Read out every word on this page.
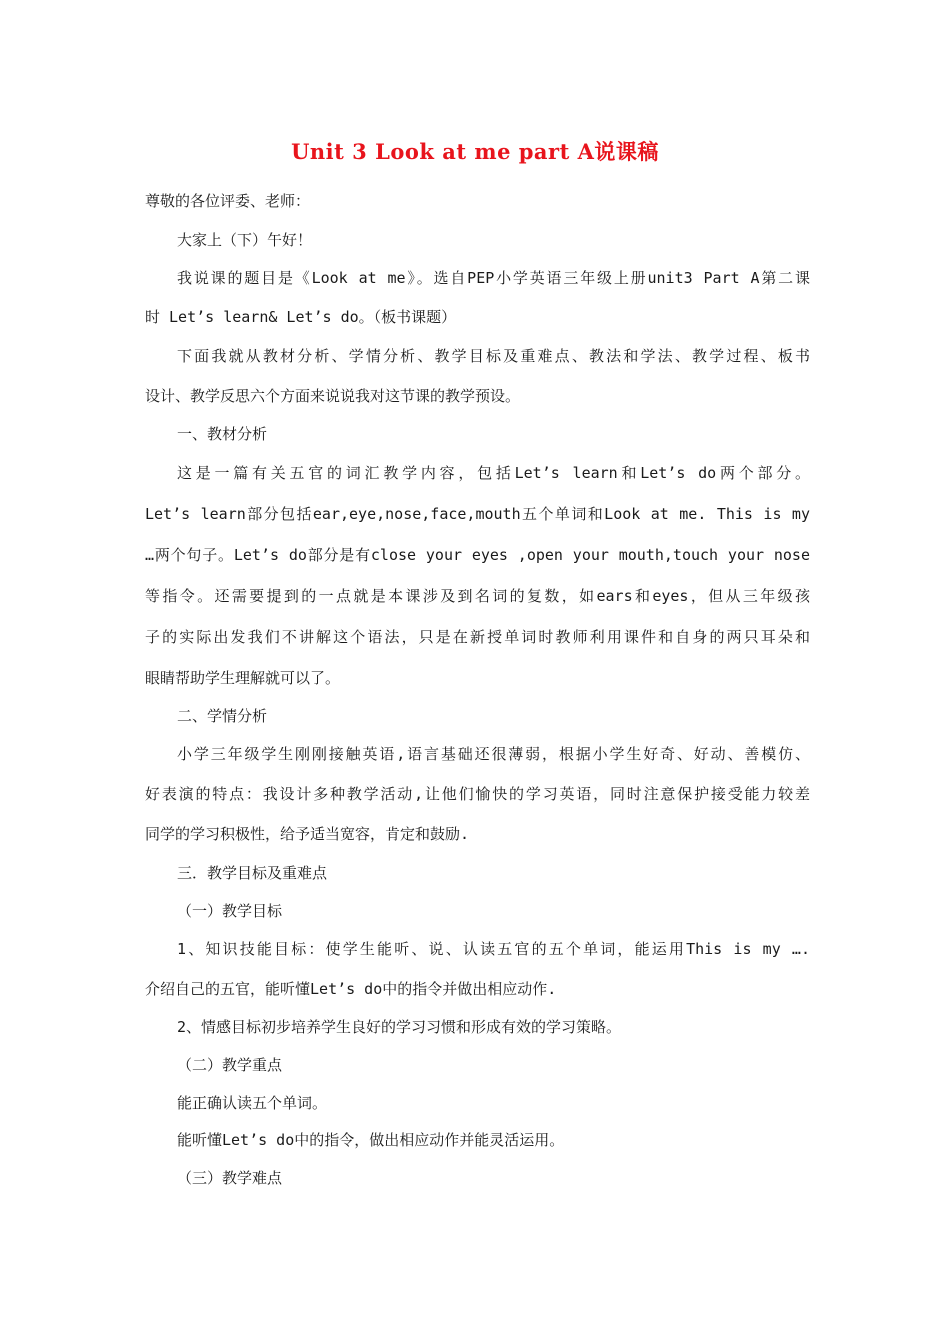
Unit 3 Look at me part A说课稿
尊敬的各位评委、老师：
大家上（下）午好！
我说课的题目是《Look at me》。选自PEP小学英语三年级上册unit3 Part A第二课
时 Let’s learn& Let’s do。（板书课题）
下面我就从教材分析、学情分析、教学目标及重难点、教法和学法、教学过程、板书
设计、教学反思六个方面来说说我对这节课的教学预设。
一、教材分析
这是一篇有关五官的词汇教学内容，包括Let’s learn和Let’s do两个部分。
Let’s learn部分包括ear,eye,nose,face,mouth五个单词和Look at me. This is my
…两个句子。Let’s do部分是有close your eyes ,open your mouth,touch your nose
等指令。还需要提到的一点就是本课涉及到名词的复数，如ears和eyes，但从三年级孩
子的实际出发我们不讲解这个语法，只是在新授单词时教师利用课件和自身的两只耳朵和
眼睛帮助学生理解就可以了。
二、学情分析
小学三年级学生刚刚接触英语,语言基础还很薄弱，根据小学生好奇、好动、善模仿、
好表演的特点：我设计多种教学活动,让他们愉快的学习英语，同时注意保护接受能力较差
同学的学习积极性，给予适当宽容，肯定和鼓励.
三．教学目标及重难点
（一）教学目标
1、知识技能目标：使学生能听、说、认读五官的五个单词，能运用This is my ….
介绍自己的五官，能听懂Let’s do中的指令并做出相应动作.
2、情感目标初步培养学生良好的学习习惯和形成有效的学习策略。
（二）教学重点
能正确认读五个单词。
能听懂Let’s do中的指令，做出相应动作并能灵活运用。
（三）教学难点
